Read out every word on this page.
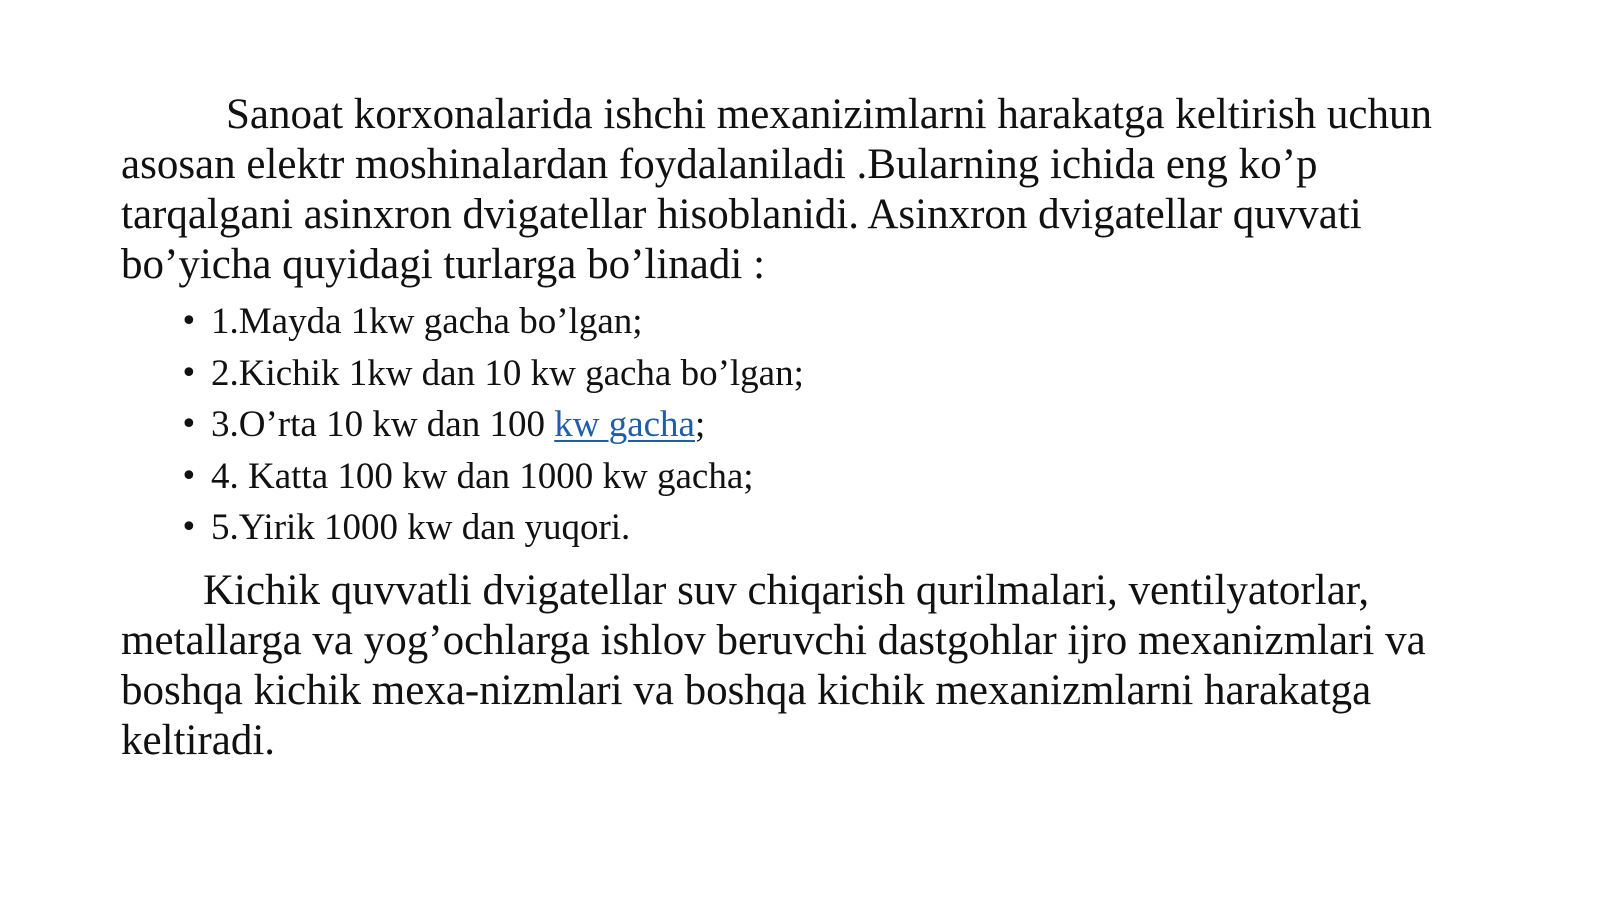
Sanoat korxonalarida ishchi mexanizimlarni harakatga keltirish uchun asosan elektr moshinalardan foydalaniladi .Bularning ichida eng ko’p tarqalgani asinxron dvigatellar hisoblanidi. Asinxron dvigatellar quvvati bo’yicha quyidagi turlarga bo’linadi :

• 1.Mayda 1kw gacha bo’lgan;
• 2.Kichik 1kw dan 10 kw gacha bo’lgan;
• 3.O’rta 10 kw dan 100 kw gacha;
• 4. Katta 100 kw dan 1000 kw gacha;
• 5.Yirik 1000 kw dan yuqori.

Kichik quvvatli dvigatellar suv chiqarish qurilmalari, ventilyatorlar, metallarga va yog’ochlarga ishlov beruvchi dastgohlar ijro mexanizmlari va boshqa kichik mexa-nizmlari va boshqa kichik mexanizmlarni harakatga keltiradi.
